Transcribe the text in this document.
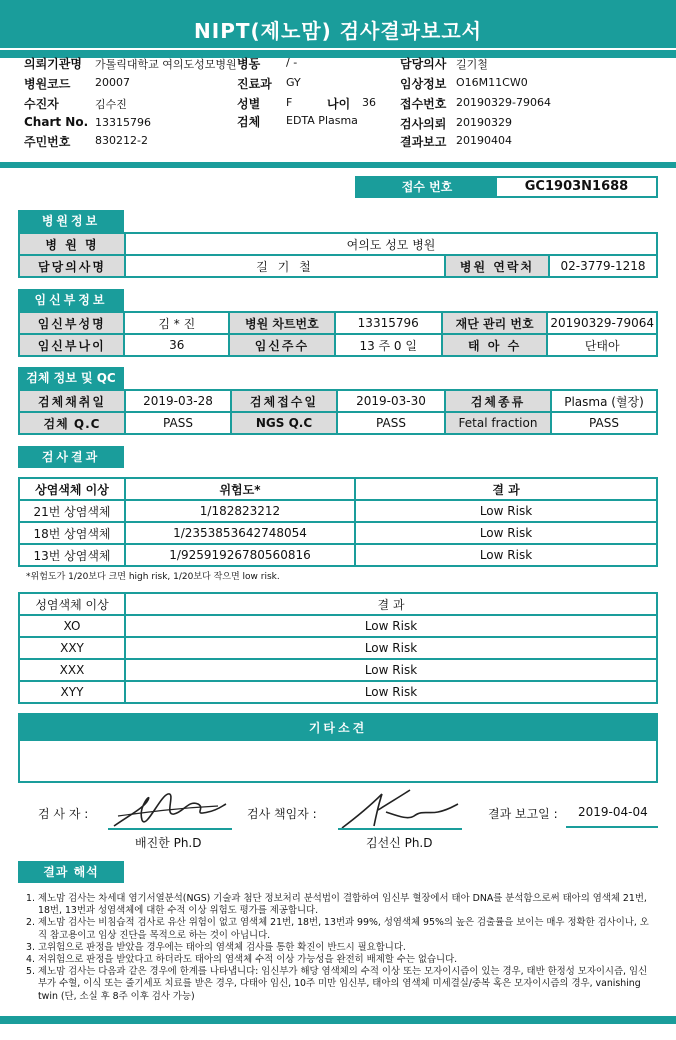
NIPT(제노맘) 검사결과보고서
의뢰기관명 가톨릭대학교 여의도성모병원 병동 / -	담당의사 길기철
병원코드 20007	진료과 GY	임상정보 O16M11CW0
수진자	김수진	성별 F	나이 36 접수번호 20190329-79064
Chart No. 13315796	검체 EDTA Plasma	검사의뢰 20190329
주민번호 830212-2	결과보고 20190404
접수 번호	GC1903N1688
병원정보
병 원 명	여의도 성모 병원		
담당의사명	길 기 철	병원 연락처	02-3779-1218
임신부정보
임신부성명	김 * 진	병원 차트번호	13315796	재단 관리 번호	20190329-79064
임신부나이	36	임신주수	13 주 0 일	태 아 수	단태아
검체 정보 및 QC
검체채취일	2019-03-28	검체접수일	2019-03-30	검체종류	Plasma (혈장)
검체 Q.C	PASS	NGS Q.C	PASS	Fetal fraction	PASS
검사결과
상염색체 이상	위험도*	결 과
21번 상염색체	1/182823212	Low Risk
18번 상염색체	1/2353853642748054	Low Risk
13번 상염색체	1/92591926780560816	Low Risk
*위험도가 1/20보다 크면 high risk, 1/20보다 작으면 low risk.
성염색체 이상	결 과
XO	Low Risk
XXY	Low Risk
XXX	Low Risk
XYY	Low Risk
기타소견
검 사 자 :
배진한 Ph.D
검사 책임자 :
김선신 Ph.D
결과 보고일 : 2019-04-04
결과 해석
1. 제노맘 검사는 차세대 염기서열분석(NGS) 기술과 첨단 정보처리 분석법이 결합하여 임신부 혈장에서 태아 DNA를 분석함으로써 태아의 염색체 21번, 18번, 13번과 성염색체에 대한 수적 이상 위험도 평가를 제공합니다.
2. 제노맘 검사는 비침습적 검사로 유산 위험이 없고 염색체 21번, 18번, 13번과 99%, 성염색체 95%의 높은 검출률을 보이는 매우 정확한 검사이나, 오직 참고용이고 임상 진단을 목적으로 하는 것이 아닙니다.
3. 고위험으로 판정을 받았을 경우에는 태아의 염색체 검사를 통한 확진이 반드시 필요합니다.
4. 저위험으로 판정을 받았다고 하더라도 태아의 염색체 수적 이상 가능성을 완전히 배제할 수는 없습니다.
5. 제노맘 검사는 다음과 같은 경우에 한계를 나타냅니다: 임신부가 해당 염색체의 수적 이상 또는 모자이시즘이 있는 경우, 태반 한정성 모자이시즘, 임신부가 수혈, 이식 또는 줄기세포 치료를 받은 경우, 다태아 임신, 10주 미만 임신부, 태아의 염색체 미세결실/중복 혹은 모자이시즘의 경우, vanishing twin (단, 소실 후 8주 이후 검사 가능)
